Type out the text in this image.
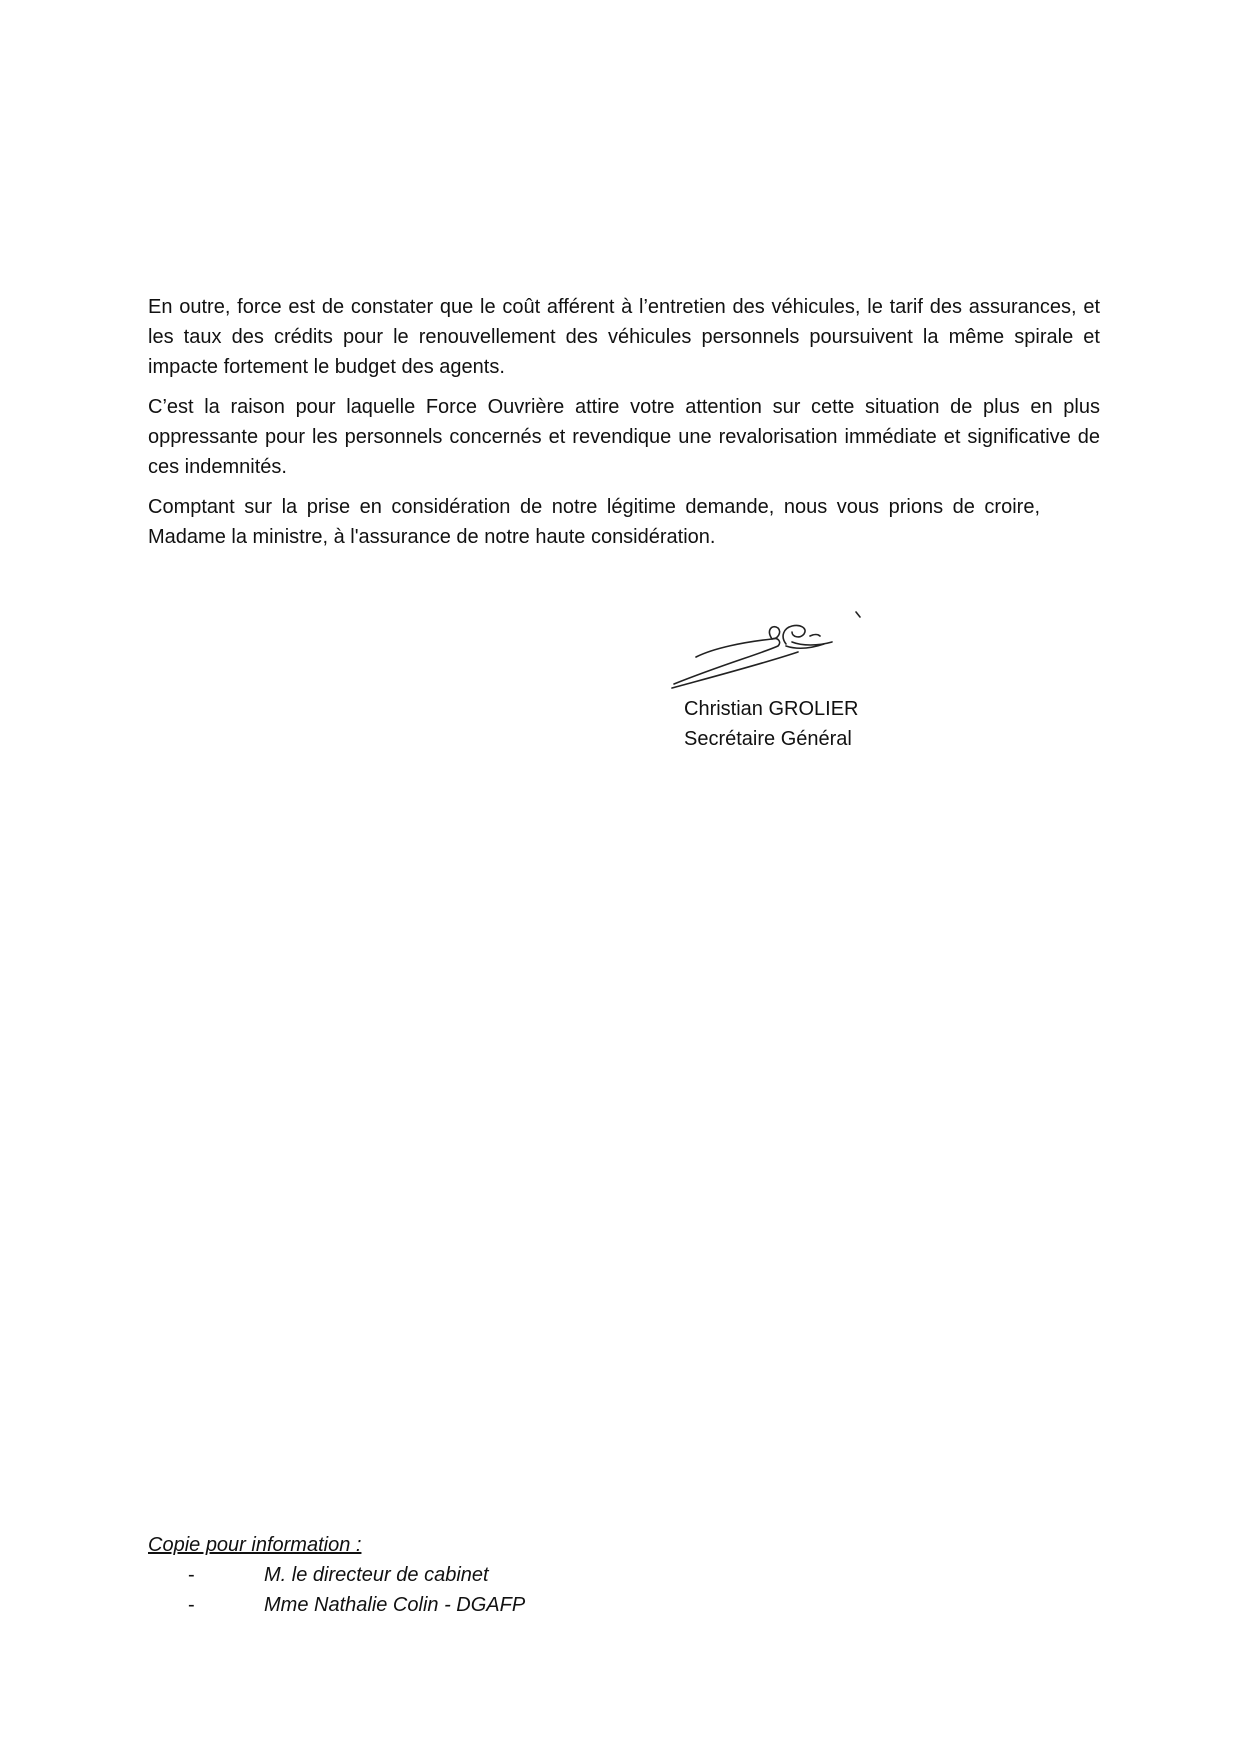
En outre, force est de constater que le coût afférent à l’entretien des véhicules, le tarif des assurances, et les taux des crédits pour le renouvellement des véhicules personnels poursuivent la même spirale et impacte fortement le budget des agents.

C’est la raison pour laquelle Force Ouvrière attire votre attention sur cette situation de plus en plus oppressante pour les personnels concernés et revendique une revalorisation immédiate et significative de ces indemnités.

Comptant sur la prise en considération de notre légitime demande, nous vous prions de croire, Madame la ministre, à l'assurance de notre haute considération.

Christian GROLIER
Secrétaire Général
Copie pour information :
-	M. le directeur de cabinet
-	Mme Nathalie Colin - DGAFP
